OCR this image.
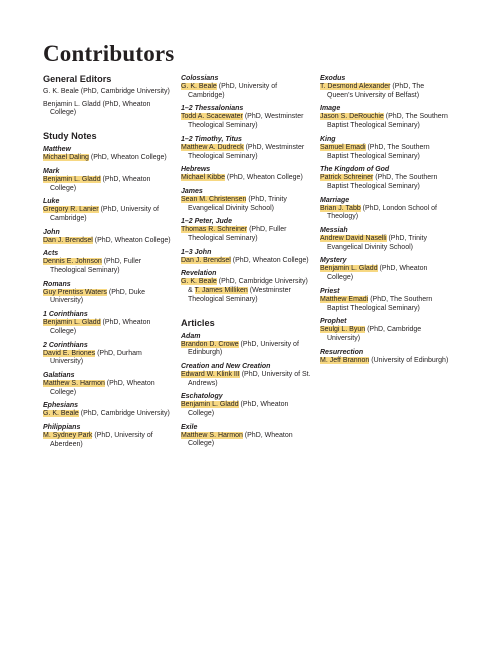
Contributors
General Editors
G. K. Beale (PhD, Cambridge University)
Benjamin L. Gladd (PhD, Wheaton College)
Study Notes
Matthew
Michael Daling (PhD, Wheaton College)
Mark
Benjamin L. Gladd (PhD, Wheaton College)
Luke
Gregory R. Lanier (PhD, University of Cambridge)
John
Dan J. Brendsel (PhD, Wheaton College)
Acts
Dennis E. Johnson (PhD, Fuller Theological Seminary)
Romans
Guy Prentiss Waters (PhD, Duke University)
1 Corinthians
Benjamin L. Gladd (PhD, Wheaton College)
2 Corinthians
David E. Briones (PhD, Durham University)
Galatians
Matthew S. Harmon (PhD, Wheaton College)
Ephesians
G. K. Beale (PhD, Cambridge University)
Philippians
M. Sydney Park (PhD, University of Aberdeen)
Colossians
G. K. Beale (PhD, University of Cambridge)
1–2 Thessalonians
Todd A. Scacewater (PhD, Westminster Theological Seminary)
1–2 Timothy, Titus
Matthew A. Dudreck (PhD, Westminster Theological Seminary)
Hebrews
Michael Kibbe (PhD, Wheaton College)
James
Sean M. Christensen (PhD, Trinity Evangelical Divinity School)
1–2 Peter, Jude
Thomas R. Schreiner (PhD, Fuller Theological Seminary)
1–3 John
Dan J. Brendsel (PhD, Wheaton College)
Revelation
G. K. Beale (PhD, Cambridge University) & T. James Milliken (Westminster Theological Seminary)
Articles
Adam
Brandon D. Crowe (PhD, University of Edinburgh)
Creation and New Creation
Edward W. Klink III (PhD, University of St. Andrews)
Eschatology
Benjamin L. Gladd (PhD, Wheaton College)
Exile
Matthew S. Harmon (PhD, Wheaton College)
Exodus
T. Desmond Alexander (PhD, The Queen’s University of Belfast)
Image
Jason S. DeRouchie (PhD, The Southern Baptist Theological Seminary)
King
Samuel Emadi (PhD, The Southern Baptist Theological Seminary)
The Kingdom of God
Patrick Schreiner (PhD, The Southern Baptist Theological Seminary)
Marriage
Brian J. Tabb (PhD, London School of Theology)
Messiah
Andrew David Naselli (PhD, Trinity Evangelical Divinity School)
Mystery
Benjamin L. Gladd (PhD, Wheaton College)
Priest
Matthew Emadi (PhD, The Southern Baptist Theological Seminary)
Prophet
Seulgi L. Byun (PhD, Cambridge University)
Resurrection
M. Jeff Brannon (University of Edinburgh)
